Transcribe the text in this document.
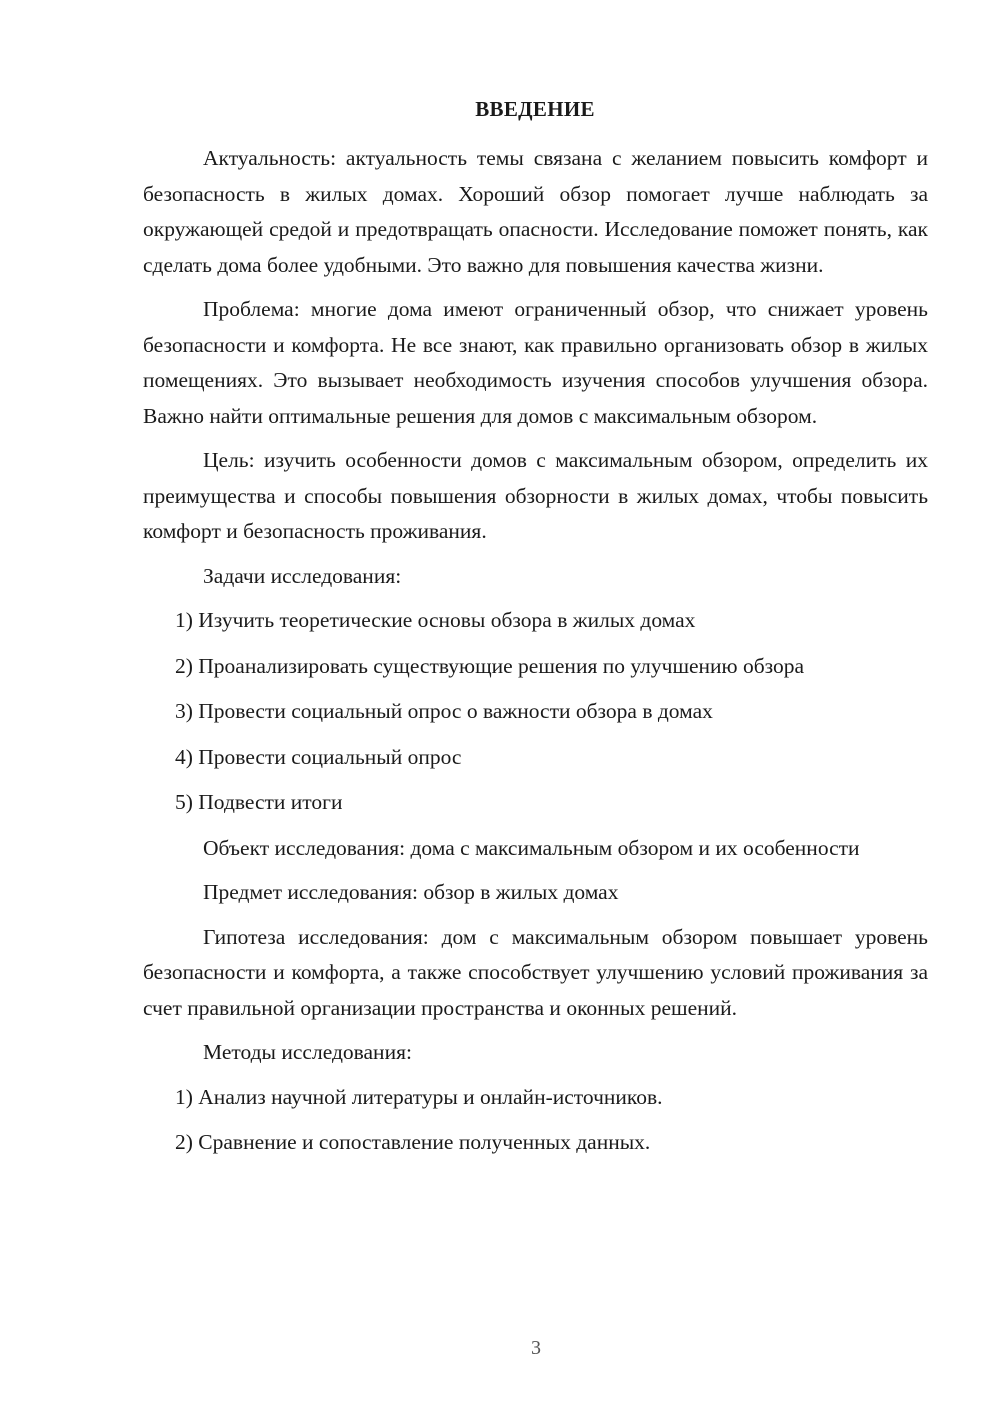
ВВЕДЕНИЕ

Актуальность: актуальность темы связана с желанием повысить комфорт и безопасность в жилых домах. Хороший обзор помогает лучше наблюдать за окружающей средой и предотвращать опасности. Исследование поможет понять, как сделать дома более удобными. Это важно для повышения качества жизни.

Проблема: многие дома имеют ограниченный обзор, что снижает уровень безопасности и комфорта. Не все знают, как правильно организовать обзор в жилых помещениях. Это вызывает необходимость изучения способов улучшения обзора. Важно найти оптимальные решения для домов с максимальным обзором.

Цель: изучить особенности домов с максимальным обзором, определить их преимущества и способы повышения обзорности в жилых домах, чтобы повысить комфорт и безопасность проживания.

Задачи исследования:

1) Изучить теоретические основы обзора в жилых домах
2) Проанализировать существующие решения по улучшению обзора
3) Провести социальный опрос о важности обзора в домах
4) Провести социальный опрос
5) Подвести итоги

Объект исследования: дома с максимальным обзором и их особенности

Предмет исследования: обзор в жилых домах

Гипотеза исследования: дом с максимальным обзором повышает уровень безопасности и комфорта, а также способствует улучшению условий проживания за счет правильной организации пространства и оконных решений.

Методы исследования:

1) Анализ научной литературы и онлайн-источников.
2) Сравнение и сопоставление полученных данных.
3
